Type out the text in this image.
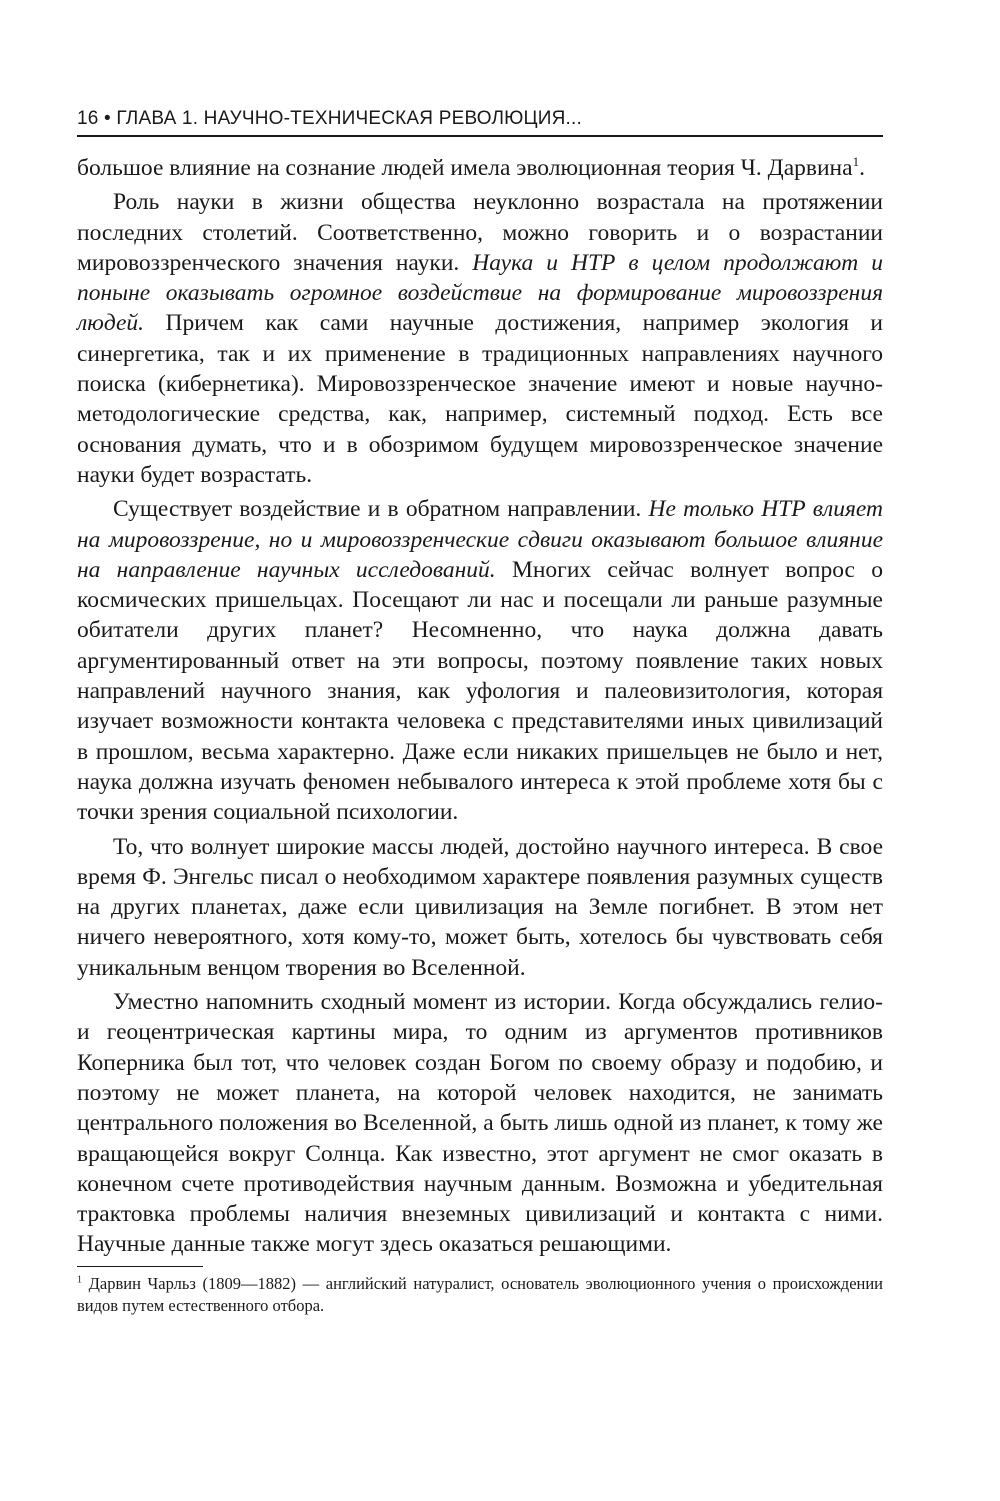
16 • ГЛАВА 1. НАУЧНО-ТЕХНИЧЕСКАЯ РЕВОЛЮЦИЯ...

большое влияние на сознание людей имела эволюционная теория Ч. Дарвина$^1$.

Роль науки в жизни общества неуклонно возрастала на протяжении последних столетий. Соответственно, можно говорить и о возрастании мировоззренческого значения науки. Наука и НТР в целом продолжают и поныне оказывать огромное воздействие на формирование мировоззрения людей. Причем как сами научные достижения, например экология и синергетика, так и их применение в традиционных направлениях научного поиска (кибернетика). Мировоззренческое значение имеют и новые научно-методологические средства, как, например, системный подход. Есть все основания думать, что и в обозримом будущем мировоззренческое значение науки будет возрастать.

Существует воздействие и в обратном направлении. Не только НТР влияет на мировоззрение, но и мировоззренческие сдвиги оказывают большое влияние на направление научных исследований. Многих сейчас волнует вопрос о космических пришельцах. Посещают ли нас и посещали ли раньше разумные обитатели других планет? Несомненно, что наука должна давать аргументированный ответ на эти вопросы, поэтому появление таких новых направлений научного знания, как уфология и палеовизитология, которая изучает возможности контакта человека с представителями иных цивилизаций в прошлом, весьма характерно. Даже если никаких пришельцев не было и нет, наука должна изучать феномен небывалого интереса к этой проблеме хотя бы с точки зрения социальной психологии.

То, что волнует широкие массы людей, достойно научного интереса. В свое время Ф. Энгельс писал о необходимом характере появления разумных существ на других планетах, даже если цивилизация на Земле погибнет. В этом нет ничего невероятного, хотя кому-то, может быть, хотелось бы чувствовать себя уникальным венцом творения во Вселенной.

Уместно напомнить сходный момент из истории. Когда обсуждались гелио- и геоцентрическая картины мира, то одним из аргументов противников Коперника был тот, что человек создан Богом по своему образу и подобию, и поэтому не может планета, на которой человек находится, не занимать центрального положения во Вселенной, а быть лишь одной из планет, к тому же вращающейся вокруг Солнца. Как известно, этот аргумент не смог оказать в конечном счете противодействия научным данным. Возможна и убедительная трактовка проблемы наличия внеземных цивилизаций и контакта с ними. Научные данные также могут здесь оказаться решающими.

$^1$ Дарвин Чарльз (1809—1882) — английский натуралист, основатель эволюционного учения о происхождении видов путем естественного отбора.
